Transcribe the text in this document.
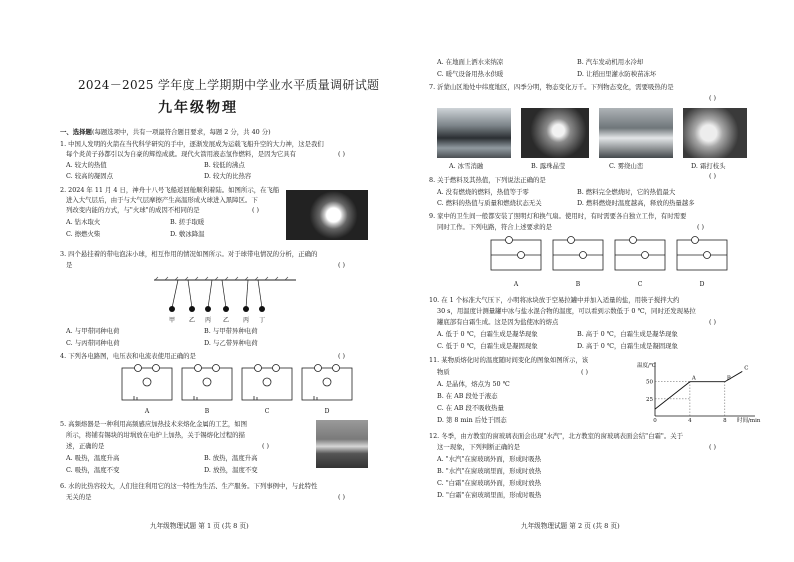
2024－2025 学年度上学期期中学业水平质量调研试题
九年级物理
一、选择题(每题选项中，共有一项最符合题目要求，每题 2 分，共 40 分)
1. 中国人发明的火箭在当代科学研究的手中，逐渐发展成为运载飞船升空的大力神，这是我们
每个炎黄子孙都引以为自豪的辉煌成就。现代火箭用液态氢作燃料，是因为它具有	( )
A. 较大的热值	B. 较低的沸点
C. 较高的凝固点	D. 较大的比热容
2. 2024 年 11 月 4 日，神舟十八号飞船返回舱顺利着陆。如图所示，在飞船
进入大气层后，由于与大气层摩擦产生高温形成火球进入黑障区。下
列改变内能的方式，与"火球"的成因不相同的是	( )
A. 钻木取火	B. 搓手取暖
C. 擦燃火柴	D. 敷冰降温
3. 四个悬挂着的带电泡沫小球，相互作用的情况如图所示。对于球带电情况的分析，正确的
是	( )
甲 乙 丙 乙 丙 丁
A. 与甲带同种电荷	B. 与甲带异种电荷
C. 与丙带同种电荷	D. 与乙带异种电荷
4. 下列各电路图，电压表和电流表使用正确的是	( )
A	B	C	D
5. 高频熔器是一种利用高频感应加热技术来熔化金属的工艺，如图
所示，将铺有锡块的坩埚放在电炉上加热，关于锡熔化过程的描
述，正确的是	( )
A. 吸热，温度升高	B. 放热，温度升高
C. 吸热，温度不变	D. 放热，温度不变
6. 水的比热容较大，人们往往利用它的这一特性为生活、生产服务。下列事例中，与此特性
无关的是	( )
九年级物理试题 第 1 页 (共 8 页)
A. 在地面上洒水来纳凉	B. 汽车发动机用水冷却
C. 暖气设备用热水供暖	D. 让稻田里灌水防秧苗冻坏
7. 沂蒙山区地处中纬度地区，四季分明，物态变化万千。下列物态变化，需要吸热的是
( )
A. 冰雪消融	B. 露珠晶莹	C. 雾绕山峦	D. 霜打枝头
( )
8. 关于燃料及其热值，下列说法正确的是
A. 没有燃烧的燃料，热值等于零	B. 燃料完全燃烧时，它的热值最大
C. 燃料的热值与质量和燃烧状态无关	D. 燃料燃烧时温度越高，释放的热量越多
9. 家中的卫生间一般都安装了照明灯和换气扇。使用时，有时需要各自独立工作，有时需要
同时工作。下列电路，符合上述要求的是	( )
A	B	C	D
10. 在 1 个标准大气压下，小明将冰块放于空易拉罐中并加入适量的盐，用筷子搅拌大约
30 s，用温度计测量罐中冰与盐水混合物的温度，可以看到示数低于 0 ℃，同时还发现易拉
罐底部有白霜生成。这是因为盐使冰的熔点	( )
A. 低于 0 ℃，白霜生成是凝华现象	B. 高于 0 ℃，白霜生成是凝华现象
C. 低于 0 ℃，白霜生成是凝固现象	D. 高于 0 ℃，白霜生成是凝固现象
11. 某物质熔化时的温度随时间变化的图象如图所示，该
物质	( )
A. 是晶体，熔点为 50 ℃
B. 在 AB 段处于液态
C. 在 AB 段不吸收热量
D. 第 8 min 后处于固态	0	4	8
25
50
A	B
C
温度/℃
时间/min
12. 冬季，由方教室的窗玻璃表面会出现"水汽"，北方教室的窗玻璃表面会结"白霜"。关于
这一现象，下列判断正确的是	( )
A. "水汽"在窗玻璃外面，形成时吸热
B. "水汽"在窗玻璃里面，形成时放热
C. "白霜"在窗玻璃外面，形成时放热
D. "白霜"在窗玻璃里面，形成时吸热
九年级物理试题 第 2 页 (共 8 页)
